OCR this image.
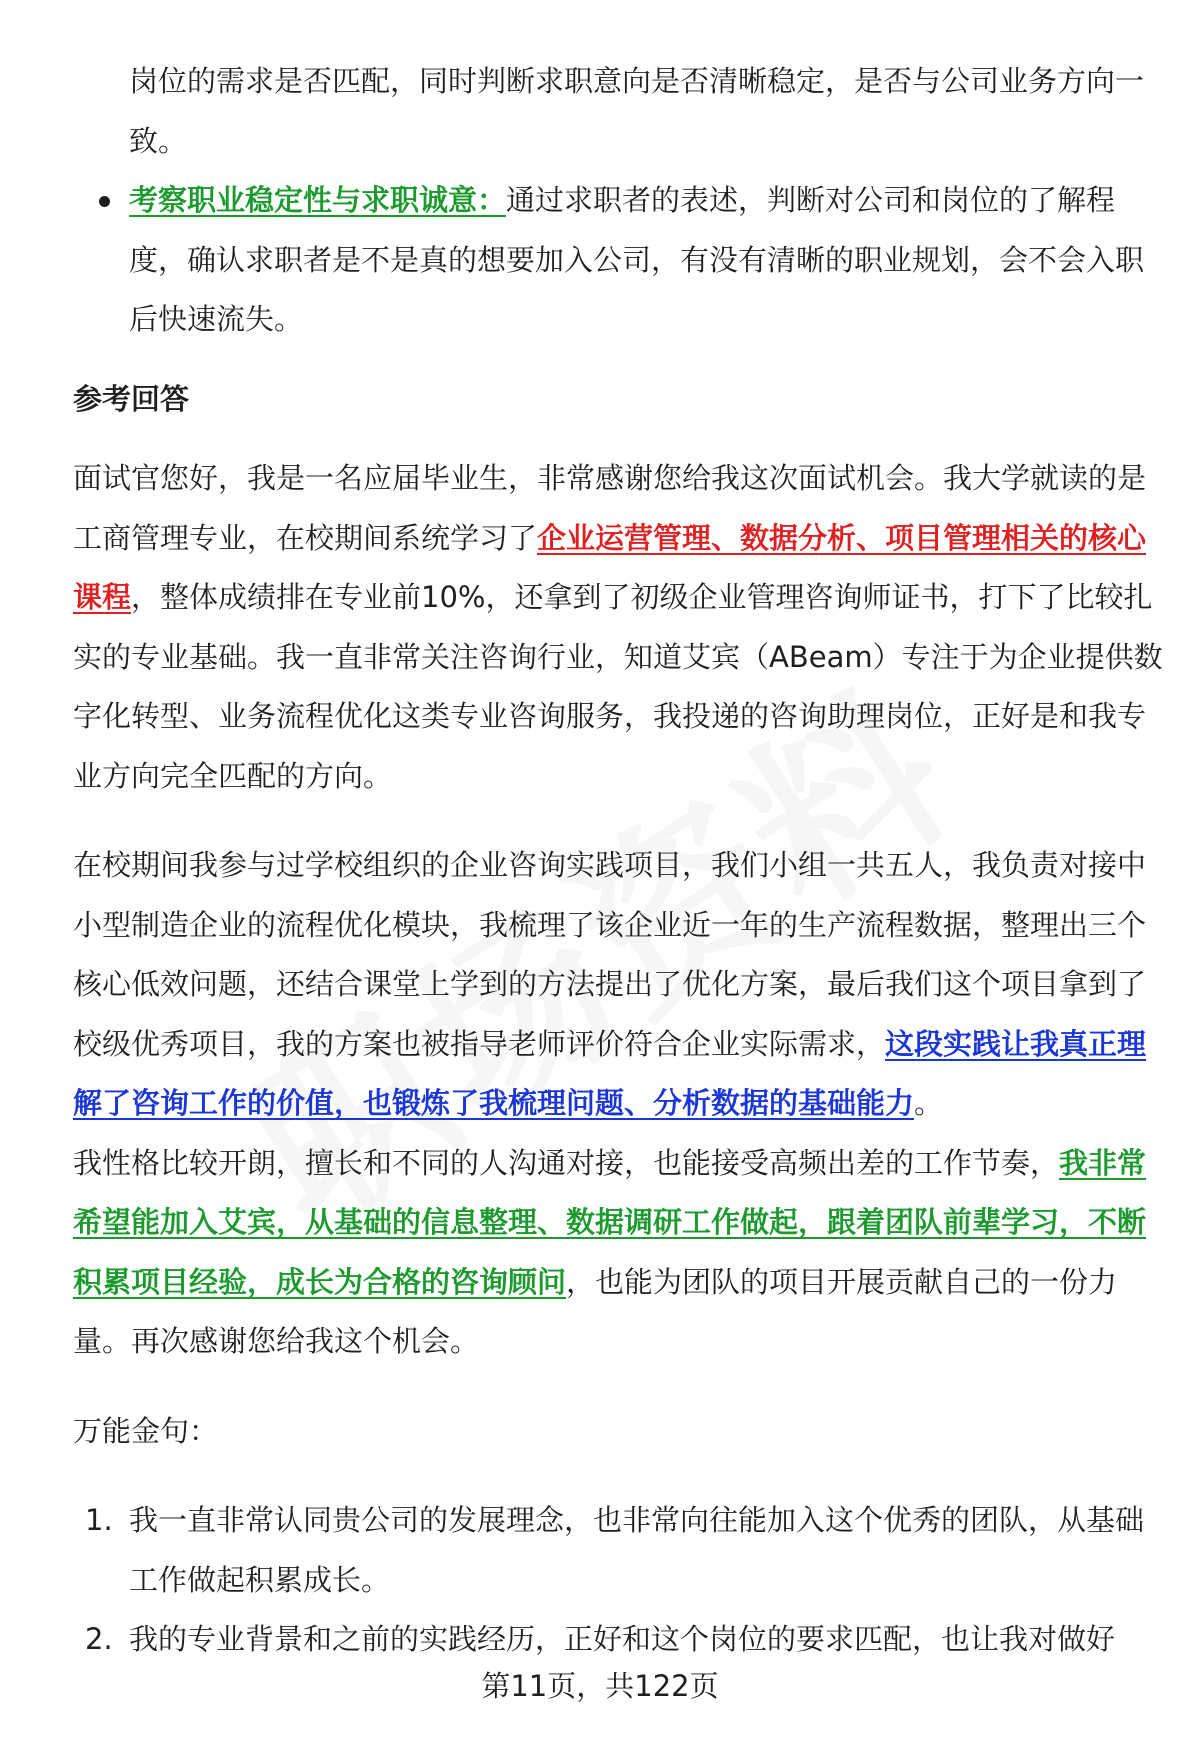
岗位的需求是否匹配，同时判断求职意向是否清晰稳定，是否与公司业务方向一致。

考察职业稳定性与求职诚意：通过求职者的表述，判断对公司和岗位的了解程度，确认求职者是不是真的想要加入公司，有没有清晰的职业规划，会不会入职后快速流失。
参考回答

面试官您好，我是一名应届毕业生，非常感谢您给我这次面试机会。我大学就读的是工商管理专业，在校期间系统学习了企业运营管理、数据分析、项目管理相关的核心课程，整体成绩排在专业前10%，还拿到了初级企业管理咨询师证书，打下了比较扎实的专业基础。我一直非常关注咨询行业，知道艾宾（ABeam）专注于为企业提供数字化转型、业务流程优化这类专业咨询服务，我投递的咨询助理岗位，正好是和我专业方向完全匹配的方向。

在校期间我参与过学校组织的企业咨询实践项目，我们小组一共五人，我负责对接中小型制造企业的流程优化模块，我梳理了该企业近一年的生产流程数据，整理出三个核心低效问题，还结合课堂上学到的方法提出了优化方案，最后我们这个项目拿到了校级优秀项目，我的方案也被指导老师评价符合企业实际需求，这段实践让我真正理解了咨询工作的价值，也锻炼了我梳理问题、分析数据的基础能力。

我性格比较开朗，擅长和不同的人沟通对接，也能接受高频出差的工作节奏，我非常希望能加入艾宾，从基础的信息整理、数据调研工作做起，跟着团队前辈学习，不断积累项目经验，成长为合格的咨询顾问，也能为团队的项目开展贡献自己的一份力量。再次感谢您给我这个机会。

万能金句：

1. 我一直非常认同贵公司的发展理念，也非常向往能加入这个优秀的团队，从基础工作做起积累成长。
2. 我的专业背景和之前的实践经历，正好和这个岗位的要求匹配，也让我对做好
第11页，共122页
